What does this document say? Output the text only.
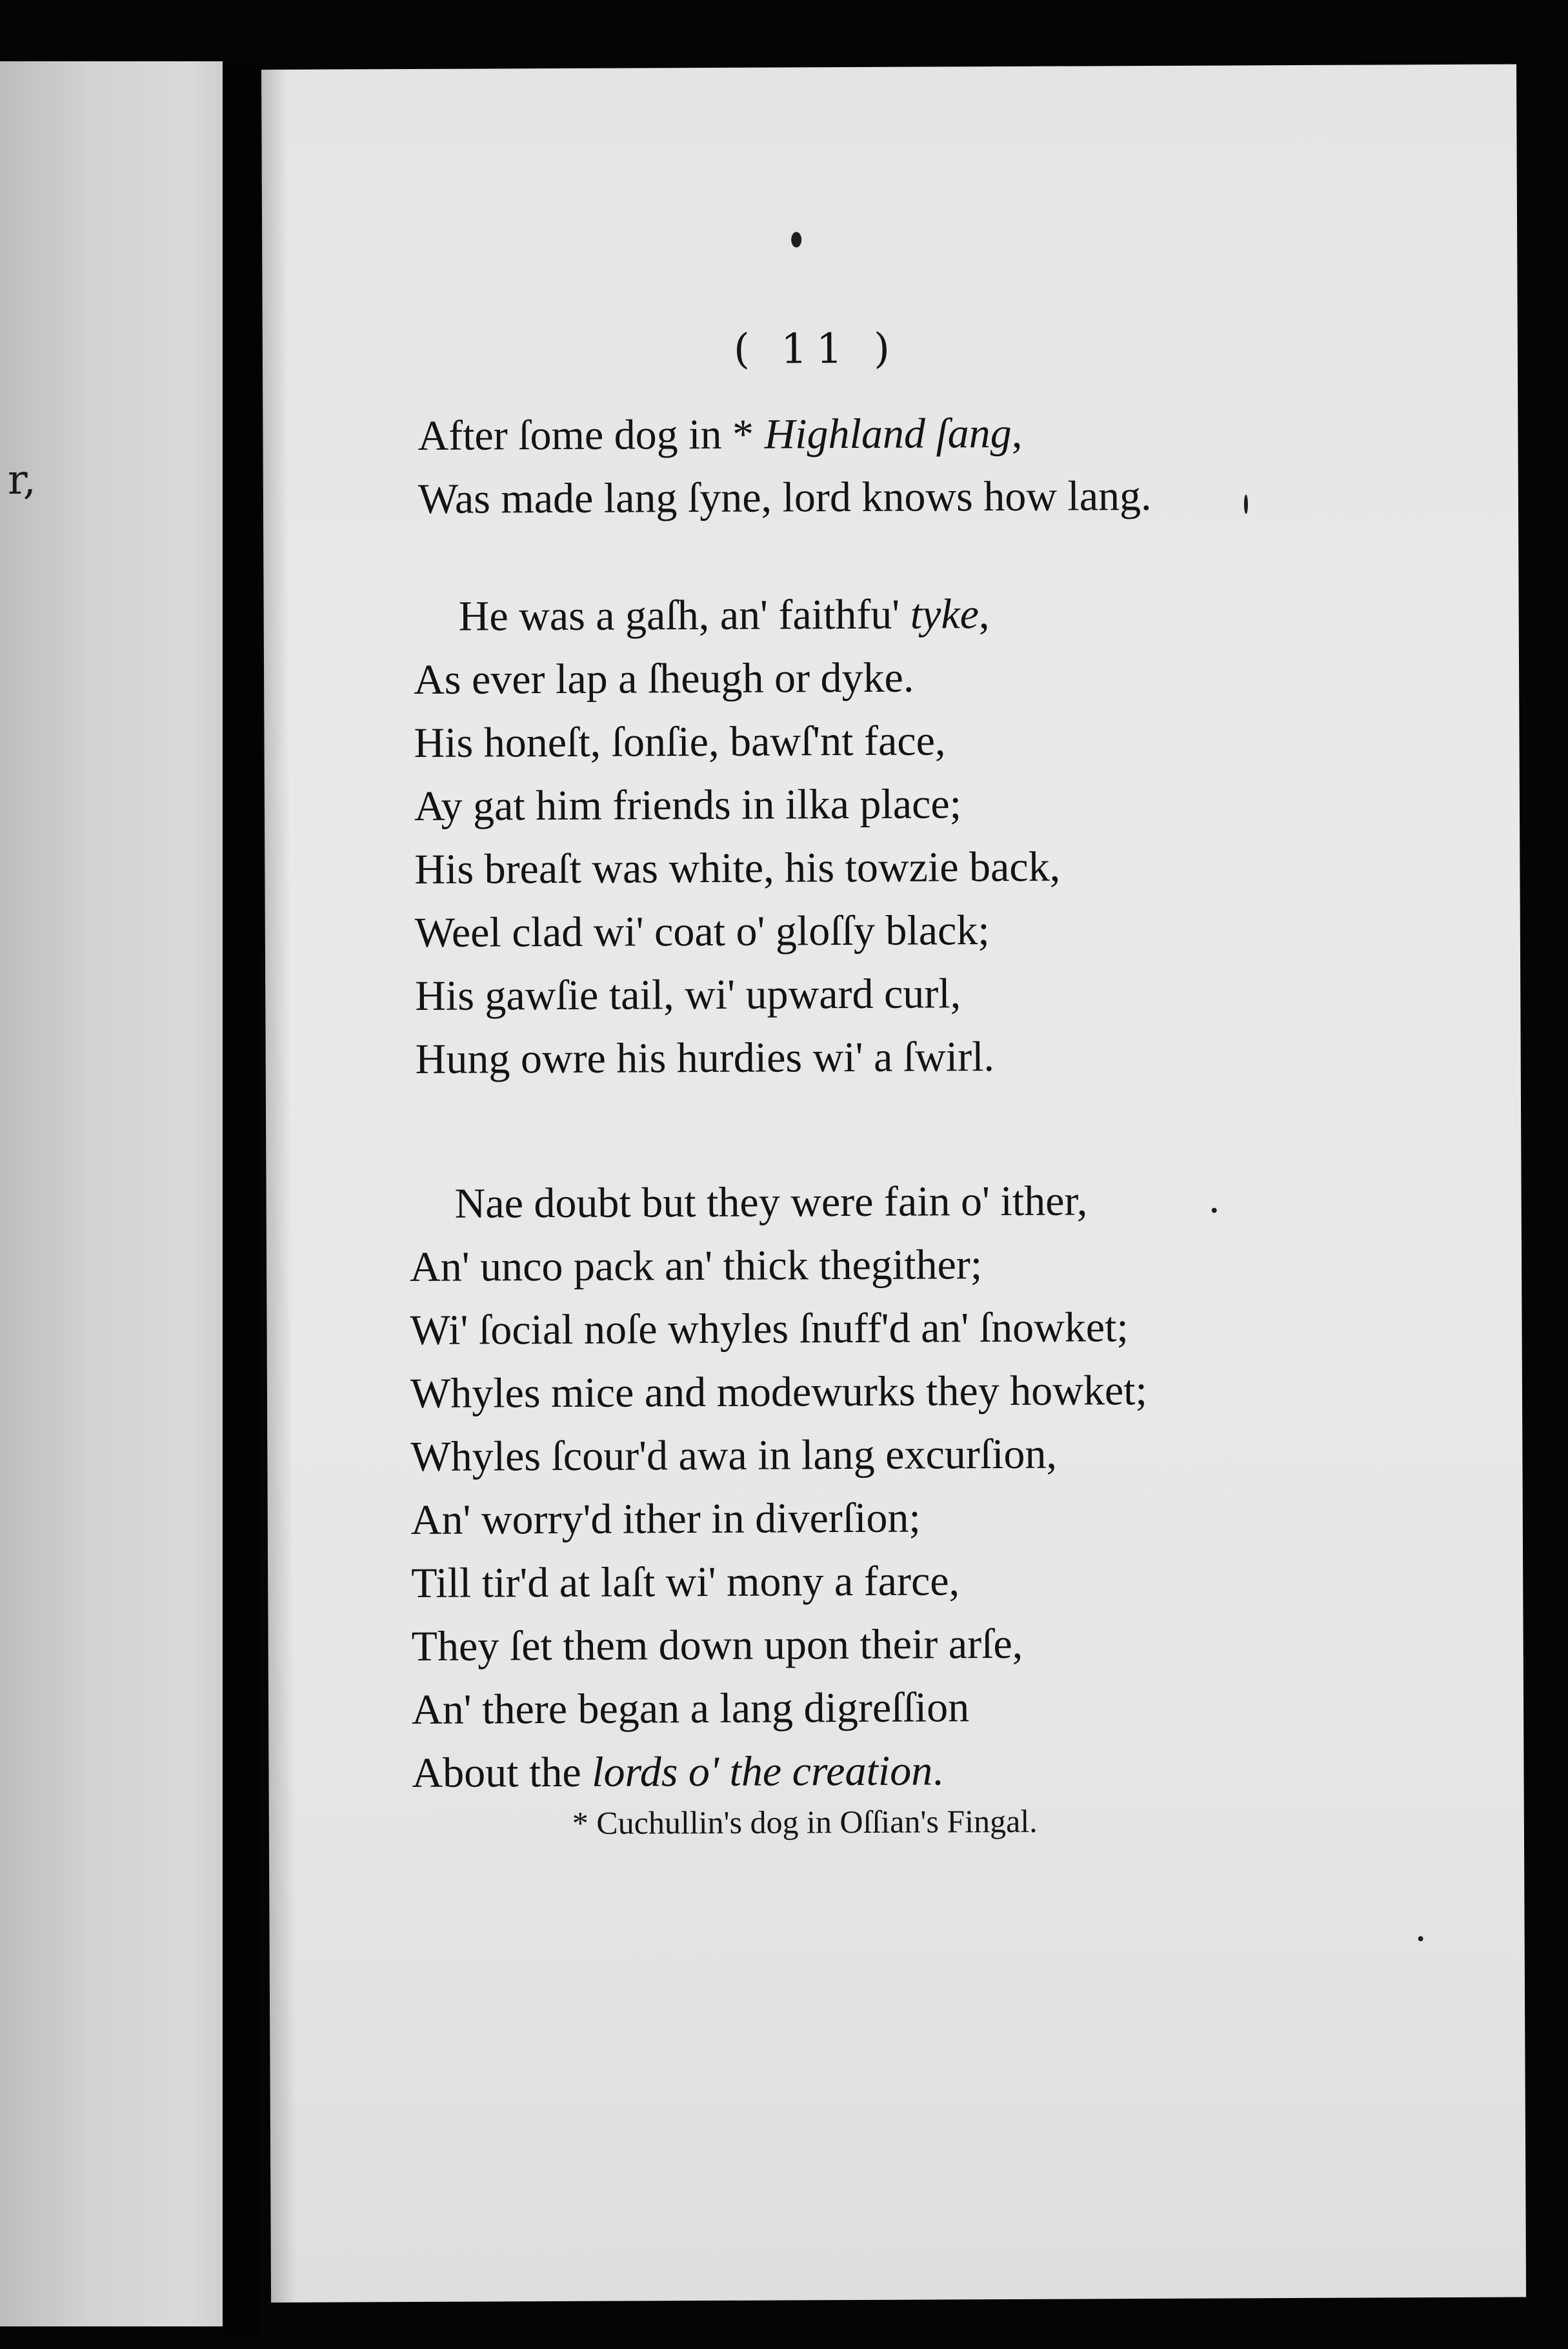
r,
( 11 )
After ſome dog in * Highland ſang,
Was made lang ſyne, lord knows how lang.
He was a gaſh, an' faithfu' tyke,
As ever lap a ſheugh or dyke.
His honeſt, ſonſie, bawſ'nt face,
Ay gat him friends in ilka place;
His breaſt was white, his towzie back,
Weel clad wi' coat o' gloſſy black;
His gawſie tail, wi' upward curl,
Hung owre his hurdies wi' a ſwirl.
Nae doubt but they were fain o' ither,
An' unco pack an' thick thegither;
Wi' ſocial noſe whyles ſnuff'd an' ſnowket;
Whyles mice and modewurks they howket;
Whyles ſcour'd awa in lang excurſion,
An' worry'd ither in diverſion;
Till tir'd at laſt wi' mony a farce,
They ſet them down upon their arſe,
An' there began a lang digreſſion
About the lords o' the creation.
* Cuchullin's dog in Oſſian's Fingal.
